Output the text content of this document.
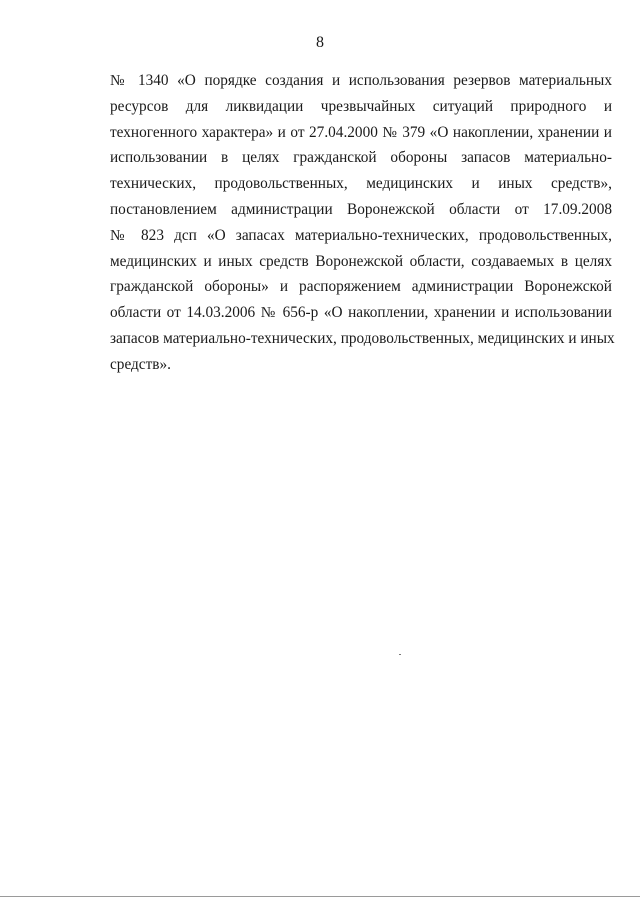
8
№ 1340 «О порядке создания и использования резервов материальных
ресурсов для ликвидации чрезвычайных ситуаций природного и
техногенного характера» и от 27.04.2000 № 379 «О накоплении, хранении и
использовании в целях гражданской обороны запасов материально-
технических, продовольственных, медицинских и иных средств»,
постановлением администрации Воронежской области от 17.09.2008
№ 823 дсп «О запасах материально-технических, продовольственных,
медицинских и иных средств Воронежской области, создаваемых в целях
гражданской обороны» и распоряжением администрации Воронежской
области от 14.03.2006 № 656-р «О накоплении, хранении и использовании
запасов материально-технических, продовольственных, медицинских и иных
средств».
